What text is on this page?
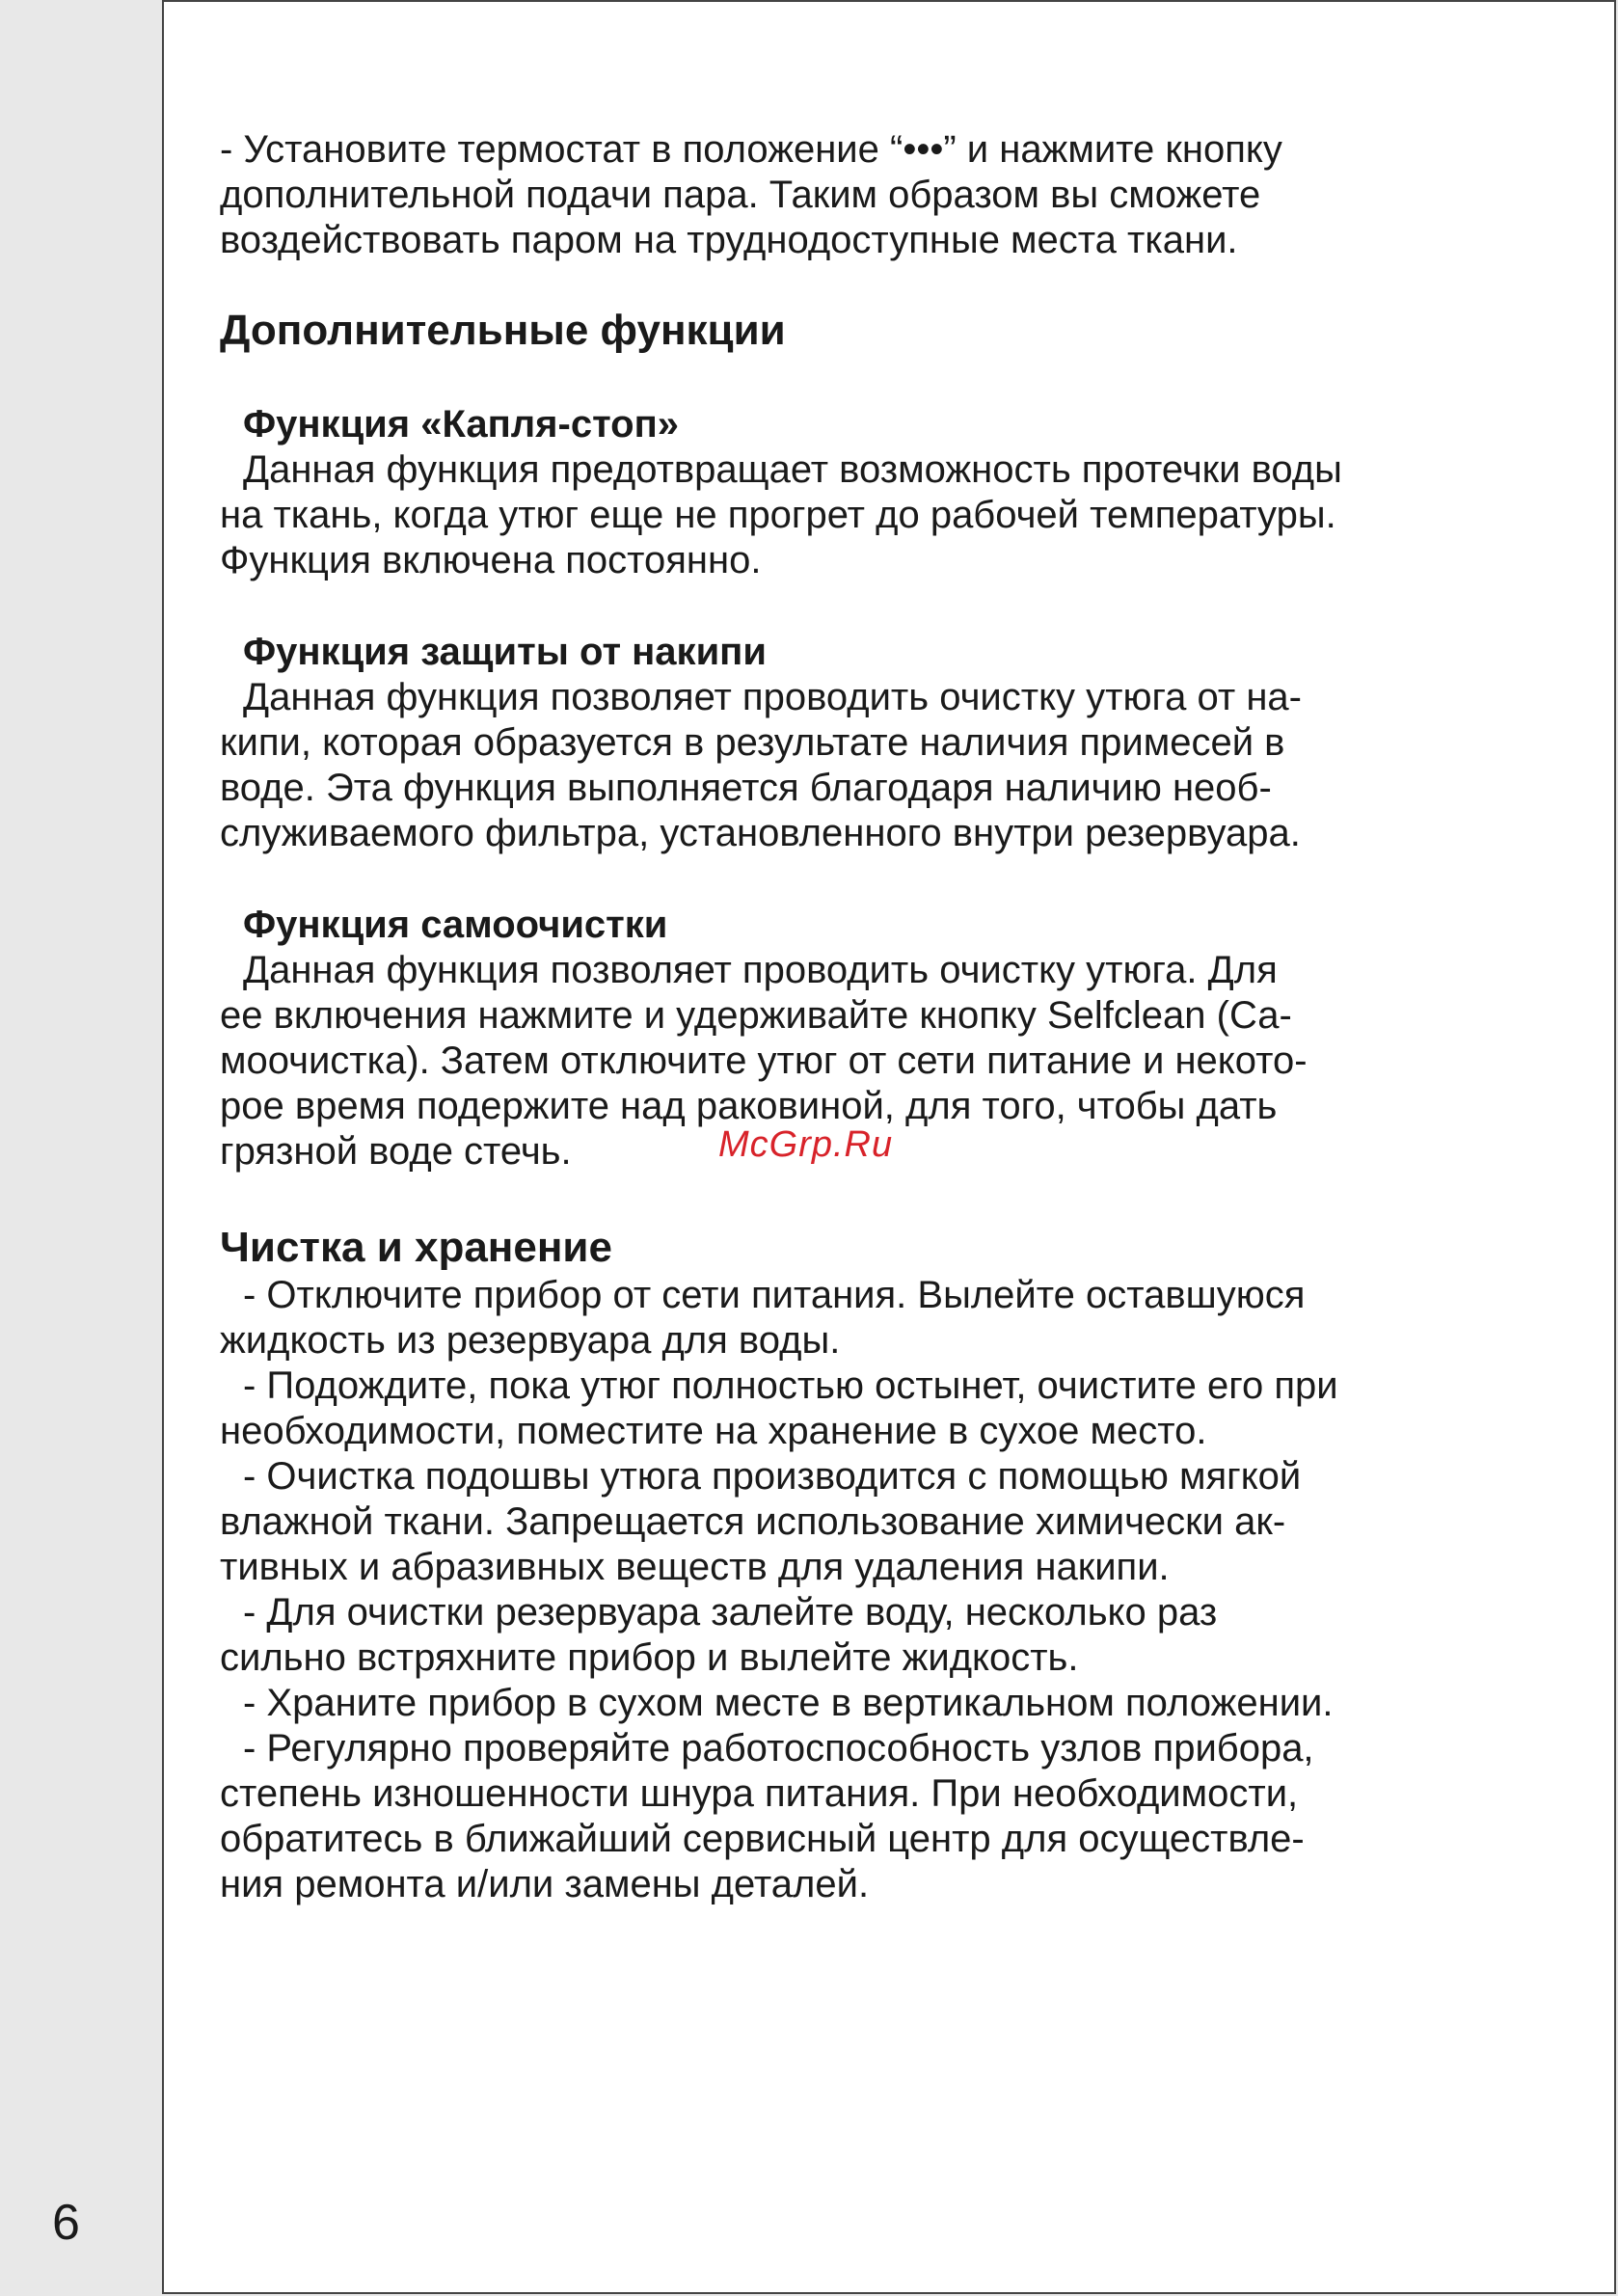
- Установите термостат в положение “•••” и нажмите кнопку
дополнительной подачи пара. Таким образом вы сможете
воздействовать паром на труднодоступные места ткани.
Дополнительные функции
Функция «Капля-стоп»
Данная функция предотвращает возможность протечки воды
на ткань, когда утюг еще не прогрет до рабочей температуры.
Функция включена постоянно.
Функция защиты от накипи
Данная функция позволяет проводить очистку утюга от на-
кипи, которая образуется в результате наличия примесей в
воде. Эта функция выполняется благодаря наличию необ-
служиваемого фильтра, установленного внутри резервуара.
Функция самоочистки
Данная функция позволяет проводить очистку утюга. Для
ее включения нажмите и удерживайте кнопку Selfclean (Са-
моочистка). Затем отключите утюг от сети питание и некото-
рое время подержите над раковиной, для того, чтобы дать
грязной воде стечь.
Чистка и хранение
- Отключите прибор от сети питания. Вылейте оставшуюся
жидкость из резервуара для воды.
- Подождите, пока утюг полностью остынет, очистите его при
необходимости, поместите на хранение в сухое место.
- Очистка подошвы утюга производится с помощью мягкой
влажной ткани. Запрещается использование химически ак-
тивных и абразивных веществ для удаления накипи.
- Для очистки резервуара залейте воду, несколько раз
сильно встряхните прибор и вылейте жидкость.
- Храните прибор в сухом месте в вертикальном положении.
- Регулярно проверяйте работоспособность узлов прибора,
степень изношенности шнура питания. При необходимости,
обратитесь в ближайший сервисный центр для осуществле-
ния ремонта и/или замены деталей.
McGrp.Ru
6
